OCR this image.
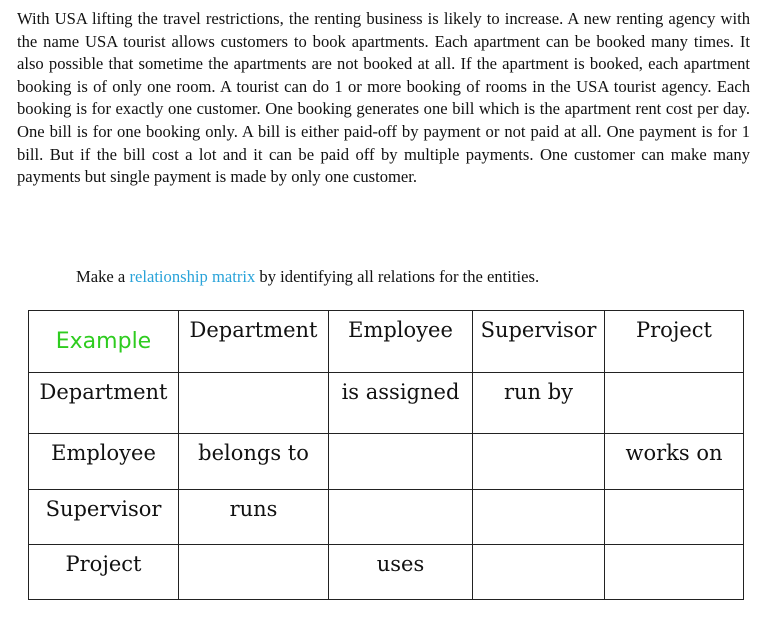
With USA lifting the travel restrictions, the renting business is likely to increase. A new renting agency with the name USA tourist allows customers to book apartments. Each apartment can be booked many times. It also possible that sometime the apartments are not booked at all. If the apartment is booked, each apartment booking is of only one room. A tourist can do 1 or more booking of rooms in the USA tourist agency. Each booking is for exactly one customer. One booking generates one bill which is the apartment rent cost per day. One bill is for one booking only. A bill is either paid-off by payment or not paid at all. One payment is for 1 bill. But if the bill cost a lot and it can be paid off by multiple payments. One customer can make many payments but single payment is made by only one customer.

Make a relationship matrix by identifying all relations for the entities.

Example	Department	Employee	Supervisor	Project

Department		is assigned	run by	

Employee	belongs to			works on

Supervisor	runs			

Project		uses		
